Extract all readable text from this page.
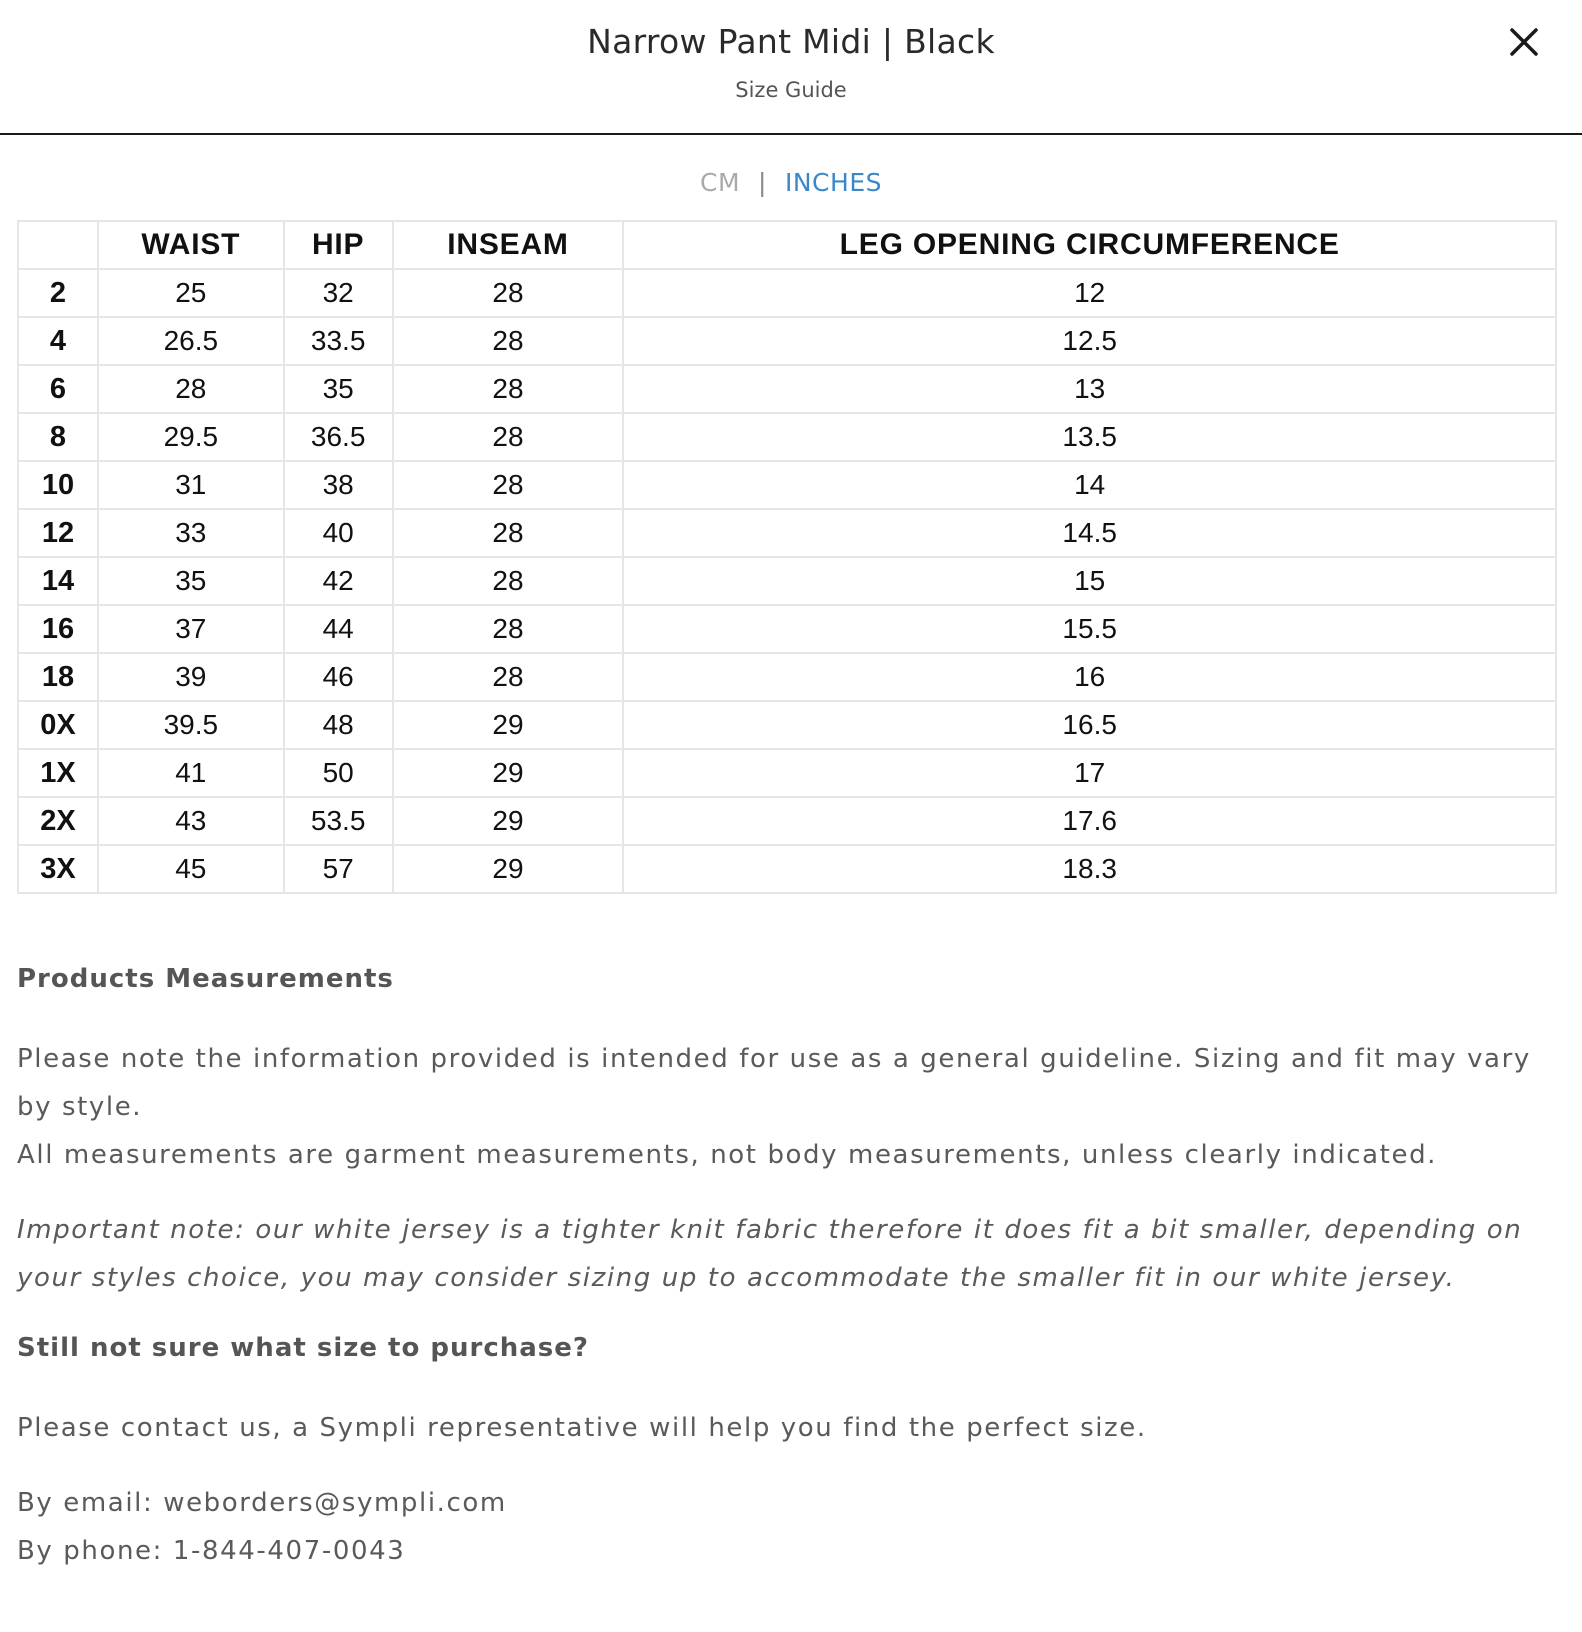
Narrow Pant Midi | Black
Size Guide
CM | INCHES
	WAIST	HIP	INSEAM	LEG OPENING CIRCUMFERENCE
2	25	32	28	12
4	26.5	33.5	28	12.5
6	28	35	28	13
8	29.5	36.5	28	13.5
10	31	38	28	14
12	33	40	28	14.5
14	35	42	28	15
16	37	44	28	15.5
18	39	46	28	16
0X	39.5	48	29	16.5
1X	41	50	29	17
2X	43	53.5	29	17.6
3X	45	57	29	18.3

Products Measurements

Please note the information provided is intended for use as a general guideline. Sizing and fit may vary by style.

All measurements are garment measurements, not body measurements, unless clearly indicated.

Important note: our white jersey is a tighter knit fabric therefore it does fit a bit smaller, depending on your styles choice, you may consider sizing up to accommodate the smaller fit in our white jersey.

Still not sure what size to purchase?

Please contact us, a Sympli representative will help you find the perfect size.

By email: weborders@sympli.com

By phone: 1-844-407-0043
